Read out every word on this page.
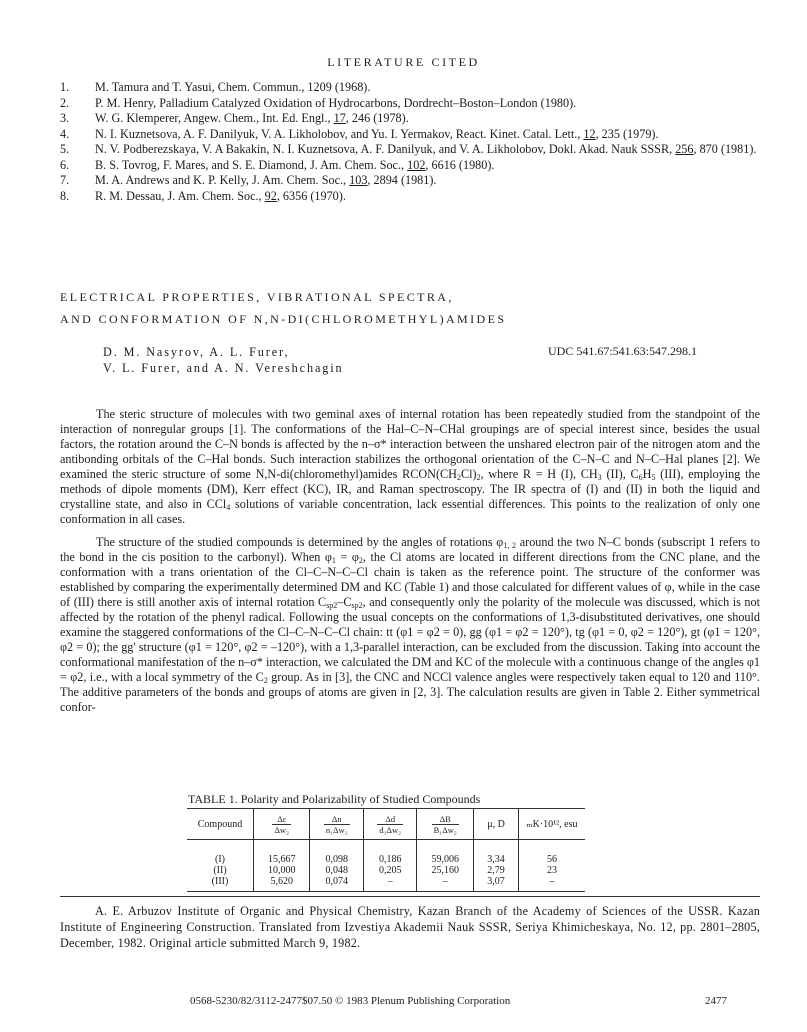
LITERATURE CITED
1. M. Tamura and T. Yasui, Chem. Commun., 1209 (1968).
2. P. M. Henry, Palladium Catalyzed Oxidation of Hydrocarbons, Dordrecht–Boston–London (1980).
3. W. G. Klemperer, Angew. Chem., Int. Ed. Engl., 17, 246 (1978).
4. N. I. Kuznetsova, A. F. Danilyuk, V. A. Likholobov, and Yu. I. Yermakov, React. Kinet. Catal. Lett., 12, 235 (1979).
5. N. V. Podberezskaya, V. A Bakakin, N. I. Kuznetsova, A. F. Danilyuk, and V. A. Likholobov, Dokl. Akad. Nauk SSSR, 256, 870 (1981).
6. B. S. Tovrog, F. Mares, and S. E. Diamond, J. Am. Chem. Soc., 102, 6616 (1980).
7. M. A. Andrews and K. P. Kelly, J. Am. Chem. Soc., 103, 2894 (1981).
8. R. M. Dessau, J. Am. Chem. Soc., 92, 6356 (1970).
ELECTRICAL PROPERTIES, VIBRATIONAL SPECTRA,
AND CONFORMATION OF N,N-DI(CHLOROMETHYL)AMIDES
D. M. Nasyrov, A. L. Furer,
V. L. Furer, and A. N. Vereshchagin
UDC 541.67:541.63:547.298.1

The steric structure of molecules with two geminal axes of internal rotation has been repeatedly studied from the standpoint of the interaction of nonregular groups [1]. The conformations of the Hal–C–N–CHal groupings are of special interest since, besides the usual factors, the rotation around the C–N bonds is affected by the n–σ* interaction between the unshared electron pair of the nitrogen atom and the antibonding orbitals of the C–Hal bonds. Such interaction stabilizes the orthogonal orientation of the C–N–C and N–C–Hal planes [2]. We examined the steric structure of some N,N-di(chloromethyl)amides $RCON(CH_2Cl)_2$, where R = H (I), $CH_3$ (II), $C_6H_5$ (III), employing the methods of dipole moments (DM), Kerr effect (KC), IR, and Raman spectroscopy. The IR spectra of (I) and (II) in both the liquid and crystalline state, and also in CCl$_4$ solutions of variable concentration, lack essential differences. This points to the realization of only one conformation in all cases.

The structure of the studied compounds is determined by the angles of rotations $\varphi_{1, 2}$ around the two N–C bonds (subscript 1 refers to the bond in the cis position to the carbonyl). When $\varphi_1 = \varphi_2$, the Cl atoms are located in different directions from the CNC plane, and the conformation with a trans orientation of the Cl–C–N–C–Cl chain is taken as the reference point. The structure of the conformer was established by comparing the experimentally determined DM and KC (Table 1) and those calculated for different values of φ, while in the case of (III) there is still another axis of internal rotation $C_{sp2}-C_{sp2}$, and consequently only the polarity of the molecule was discussed, which is not affected by the rotation of the phenyl radical. Following the usual concepts on the conformations of 1,3-disubstituted derivatives, one should examine the staggered conformations of the Cl–C–N–C–Cl chain: tt (φ1 = φ2 = 0), gg (φ1 = φ2 = 120°), tg (φ1 = 0, φ2 = 120°), gt (φ1 = 120°, φ2 = 0); the gg' structure (φ1 = 120°, φ2 = –120°), with a 1,3-parallel interaction, can be excluded from the discussion. Taking into account the conformational manifestation of the n–σ* interaction, we calculated the DM and KC of the molecule with a continuous change of the angles φ1 = φ2, i.e., with a local symmetry of the $C_2$ group. As in [3], the CNC and NCCl valence angles were respectively taken equal to 120 and 110°. The additive parameters of the bonds and groups of atoms are given in [2, 3]. The calculation results are given in Table 2. Either symmetrical confor-

TABLE 1. Polarity and Polarizability of Studied Compounds
Compound	$\frac{\Delta\varepsilon}{\text{Δw₂}}$	$\frac{\Delta n}{\text{n₁Δw₂}}$	$\frac{\Delta d}{\text{d₁Δw₂}}$	$\frac{\Delta B}{\text{B₁Δw₂}}$	μ, D	ₘK·10¹², esu
(I)	15,667	0,098	0,186	59,006	3,34	56
(II)	10,000	0,048	0,205	25,160	2,79	23
(III)	5,620	0,074	–	–	3,07	–
A. E. Arbuzov Institute of Organic and Physical Chemistry, Kazan Branch of the Academy of Sciences of the USSR. Kazan Institute of Engineering Construction. Translated from Izvestiya Akademii Nauk SSSR, Seriya Khimicheskaya, No. 12, pp. 2801–2805, December, 1982. Original article submitted March 9, 1982.
0568-5230/82/3112-2477$07.50 © 1983 Plenum Publishing Corporation	2477
